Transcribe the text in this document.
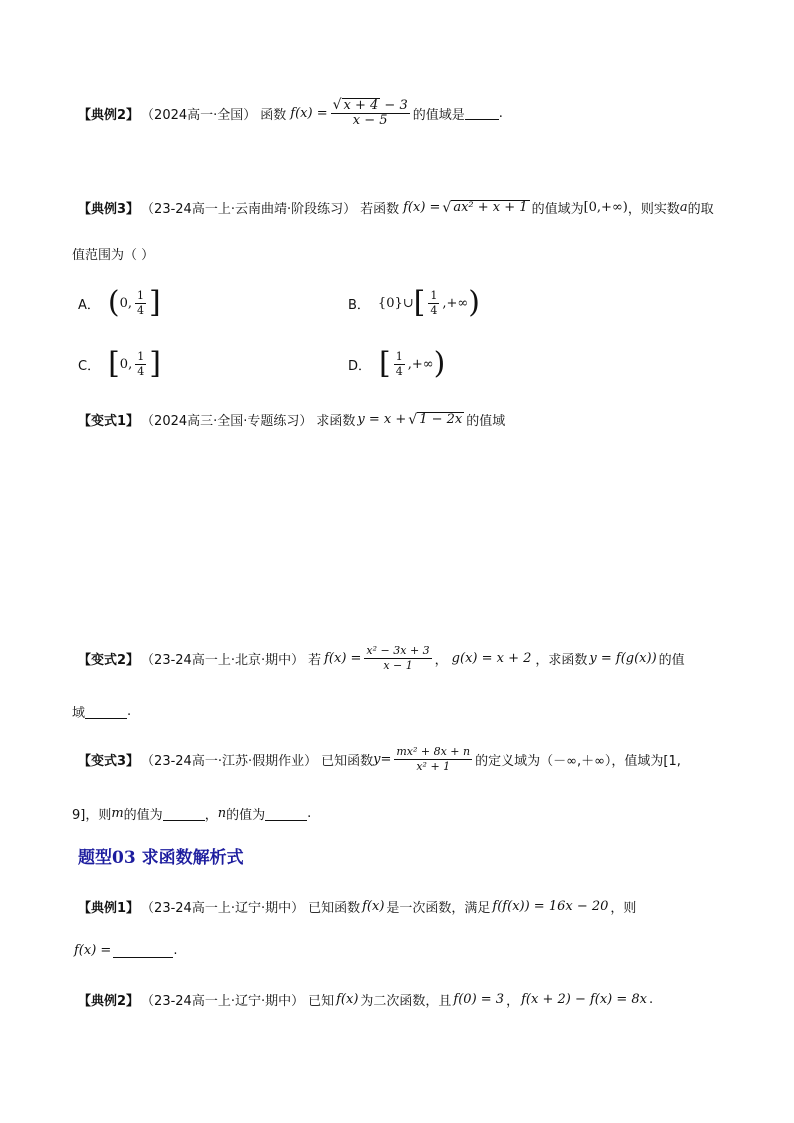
【典例2】 （2024高一·全国） 函数 $f(x) = \frac{√ x + 4 - 3}{x - 5}$ 的值域是	.
【典例3】 （23-24高一上·云南曲靖·阶段练习） 若函数 f(x) = √ ax² + x + 1 的值域为 [0,+∞) ，则实数 a 的取
值范围为（ ）
A． ( 0, $\frac{1}{4}$ ]	B． {0}∪ [ $\frac{1}{4}$ ,+∞ )
C． [ 0, $\frac{1}{4}$ ]	D． [ $\frac{1}{4}$ ,+∞ )
【变式1】 （2024高三·全国·专题练习） 求函数 y = x + √ 1 − 2x 的值域
【变式2】 （23-24高一上·北京·期中） 若 $f(x) = \frac{\text{x² − 3x + 3}}{x - 1}$ ， g(x) = x + 2 ，求函数 y = f(g(x)) 的值
域	.
【变式3】 （23-24高一·江苏·假期作业） 已知函数 $y= \frac{\text{mx² + 8x + n}}{\text{x² + 1}}$ 的定义域为（－∞,＋∞），值域为[1,
9]，则 m 的值为	， n 的值为	.
题型03 求函数解析式
【典例1】 （23-24高一上·辽宁·期中） 已知函数 f(x) 是一次函数，满足 f(f(x)) = 16x − 20 ，则
f(x) =	.
【典例2】 （23-24高一上·辽宁·期中） 已知 f(x) 为二次函数，且 f(0) = 3 ， f(x + 2) − f(x) = 8x .
